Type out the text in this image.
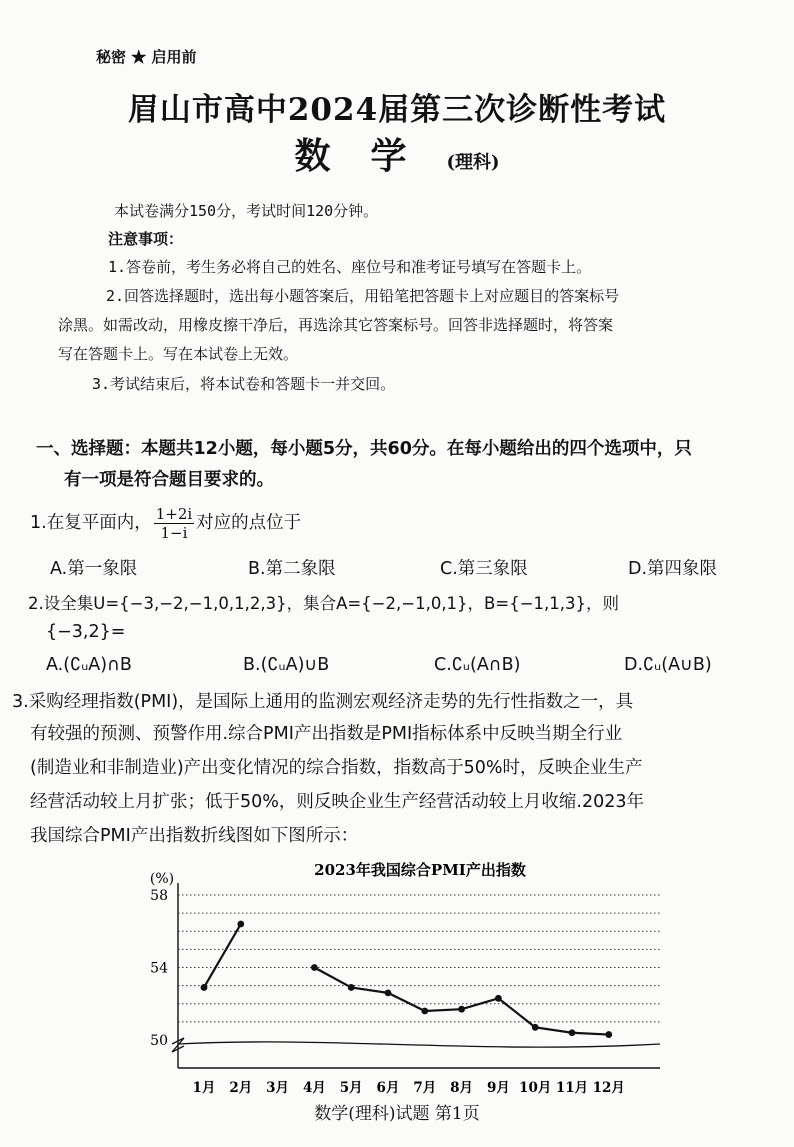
秘密 ★ 启用前
眉山市高中2024届第三次诊断性考试
数学(理科)
本试卷满分150分，考试时间120分钟。
注意事项：
1.答卷前，考生务必将自己的姓名、座位号和准考证号填写在答题卡上。
2.回答选择题时，选出每小题答案后，用铅笔把答题卡上对应题目的答案标号
涂黑。如需改动，用橡皮擦干净后，再选涂其它答案标号。回答非选择题时，将答案
写在答题卡上。写在本试卷上无效。
3.考试结束后，将本试卷和答题卡一并交回。
一、选择题：本题共12小题，每小题5分，共60分。在每小题给出的四个选项中，只
有一项是符合题目要求的。
1.在复平面内， $\frac{1+2i}{1-i}$ 对应的点位于
A.第一象限	B.第二象限	C.第三象限	D.第四象限
2.设全集U={−3,−2,−1,0,1,2,3}，集合A={−2,−1,0,1}，B={−1,1,3}，则
{−3,2}=
A.(∁ᵤA)∩B	B.(∁ᵤA)∪B	C.∁ᵤ(A∩B)	D.∁ᵤ(A∪B)
3.采购经理指数(PMI)，是国际上通用的监测宏观经济走势的先行性指数之一，具
有较强的预测、预警作用.综合PMI产出指数是PMI指标体系中反映当期全行业
(制造业和非制造业)产出变化情况的综合指数，指数高于50%时，反映企业生产
经营活动较上月扩张；低于50%，则反映企业生产经营活动较上月收缩.2023年
我国综合PMI产出指数折线图如下图所示：
2023年我国综合PMI产出指数
(%)
50
54
58
1月 2月 3月 4月 5月 6月 7月 8月 9月 10月 11月 12月
数学(理科)试题 第1页
